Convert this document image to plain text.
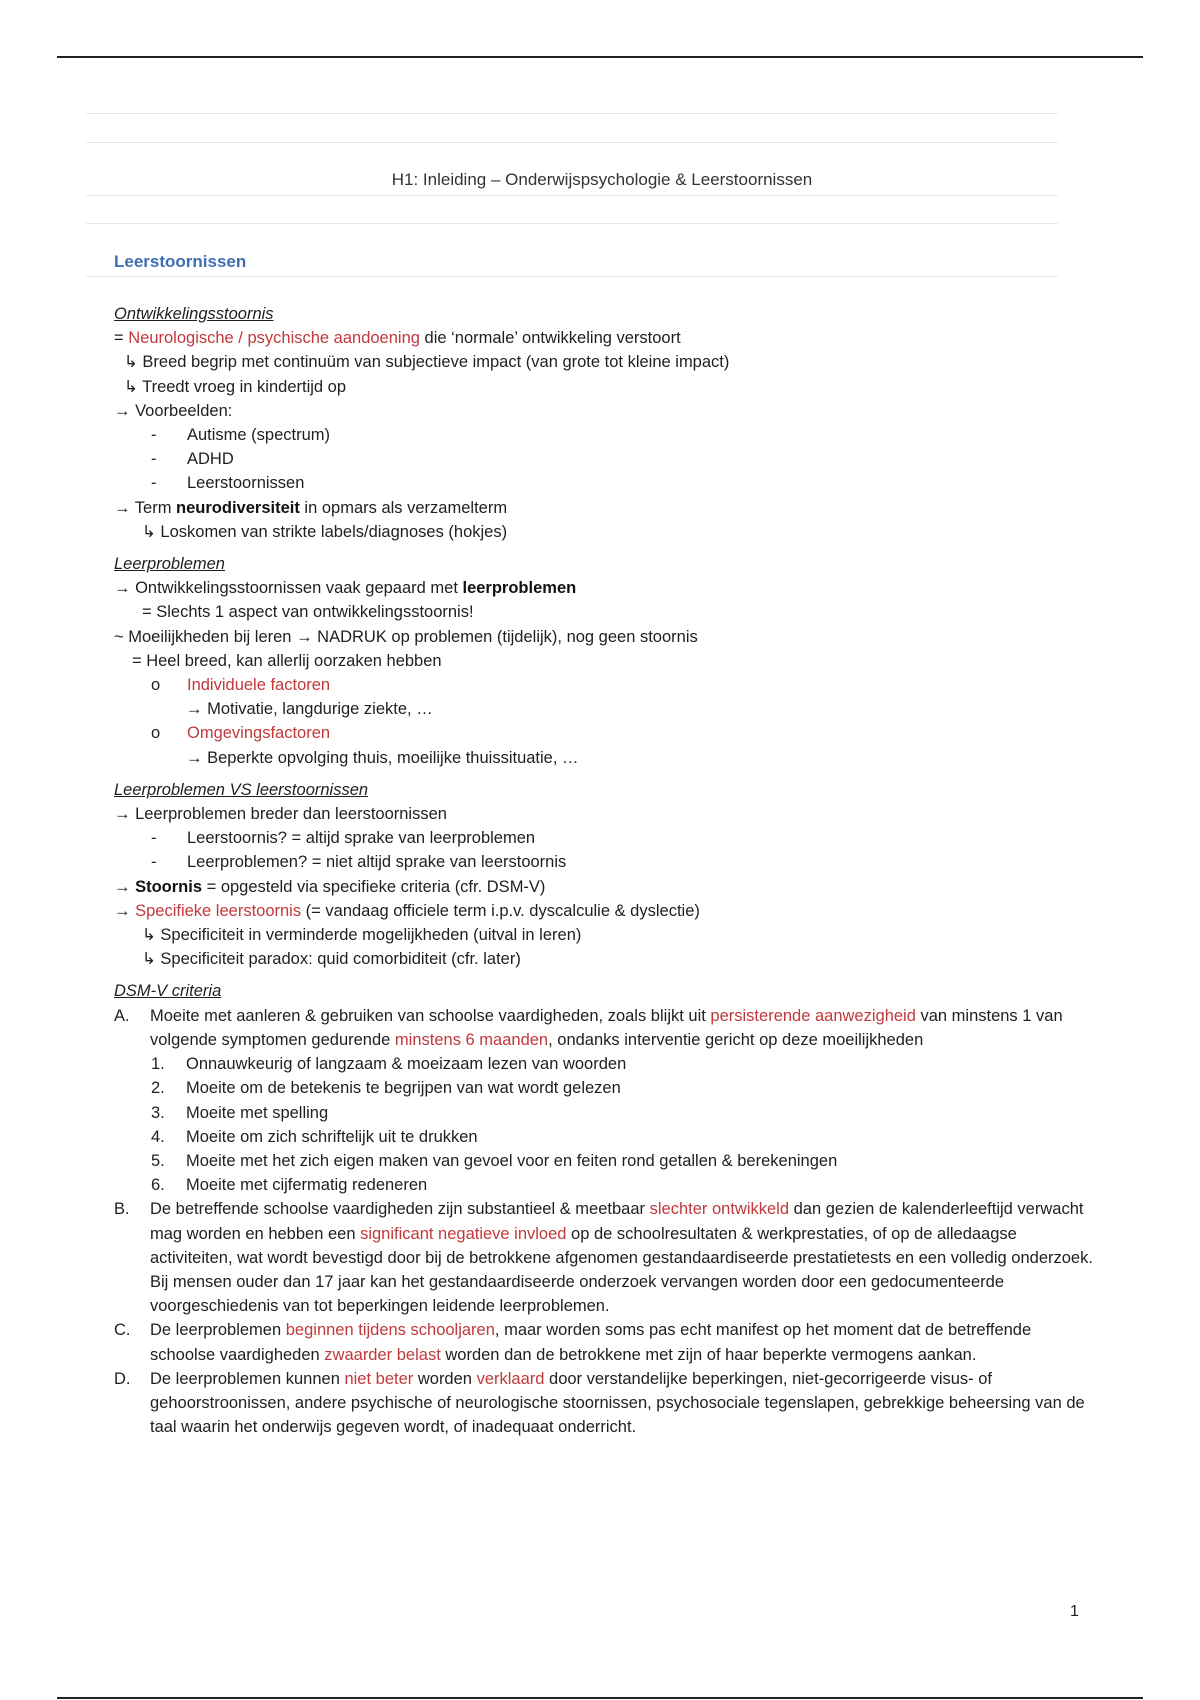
H1: Inleiding – Onderwijspsychologie & Leerstoornissen
Leerstoornissen

Ontwikkelingsstoornis

= Neurologische / psychische aandoening die ‘normale’ ontwikkeling verstoort

↳ Breed begrip met continuüm van subjectieve impact (van grote tot kleine impact)

↳ Treedt vroeg in kindertijd op

→ Voorbeelden:

- Autisme (spectrum)

- ADHD

- Leerstoornissen

→ Term neurodiversiteit in opmars als verzamelterm

↳ Loskomen van strikte labels/diagnoses (hokjes)

Leerproblemen

→ Ontwikkelingsstoornissen vaak gepaard met leerproblemen

= Slechts 1 aspect van ontwikkelingsstoornis!

~ Moeilijkheden bij leren → NADRUK op problemen (tijdelijk), nog geen stoornis

= Heel breed, kan allerlij oorzaken hebben

o Individuele factoren

→ Motivatie, langdurige ziekte, …

o Omgevingsfactoren

→ Beperkte opvolging thuis, moeilijke thuissituatie, …

Leerproblemen VS leerstoornissen

→ Leerproblemen breder dan leerstoornissen

- Leerstoornis? = altijd sprake van leerproblemen

- Leerproblemen? = niet altijd sprake van leerstoornis

→ Stoornis = opgesteld via specifieke criteria (cfr. DSM-V)

→ Specifieke leerstoornis (= vandaag officiele term i.p.v. dyscalculie & dyslectie)

↳ Specificiteit in verminderde mogelijkheden (uitval in leren)

↳ Specificiteit paradox: quid comorbiditeit (cfr. later)

DSM-V criteria

A. Moeite met aanleren & gebruiken van schoolse vaardigheden, zoals blijkt uit persisterende aanwezigheid van minstens 1 van volgende symptomen gedurende minstens 6 maanden, ondanks interventie gericht op deze moeilijkheden

1. Onnauwkeurig of langzaam & moeizaam lezen van woorden

2. Moeite om de betekenis te begrijpen van wat wordt gelezen

3. Moeite met spelling

4. Moeite om zich schriftelijk uit te drukken

5. Moeite met het zich eigen maken van gevoel voor en feiten rond getallen & berekeningen

6. Moeite met cijfermatig redeneren

B. De betreffende schoolse vaardigheden zijn substantieel & meetbaar slechter ontwikkeld dan gezien de kalenderleeftijd verwacht mag worden en hebben een significant negatieve invloed op de schoolresultaten & werkprestaties, of op de alledaagse activiteiten, wat wordt bevestigd door bij de betrokkene afgenomen gestandaardiseerde prestatietests en een volledig onderzoek. Bij mensen ouder dan 17 jaar kan het gestandaardiseerde onderzoek vervangen worden door een gedocumenteerde voorgeschiedenis van tot beperkingen leidende leerproblemen.

C. De leerproblemen beginnen tijdens schooljaren, maar worden soms pas echt manifest op het moment dat de betreffende schoolse vaardigheden zwaarder belast worden dan de betrokkene met zijn of haar beperkte vermogens aankan.

D. De leerproblemen kunnen niet beter worden verklaard door verstandelijke beperkingen, niet-gecorrigeerde visus- of gehoorstroonissen, andere psychische of neurologische stoornissen, psychosociale tegenslapen, gebrekkige beheersing van de taal waarin het onderwijs gegeven wordt, of inadequaat onderricht.

1
